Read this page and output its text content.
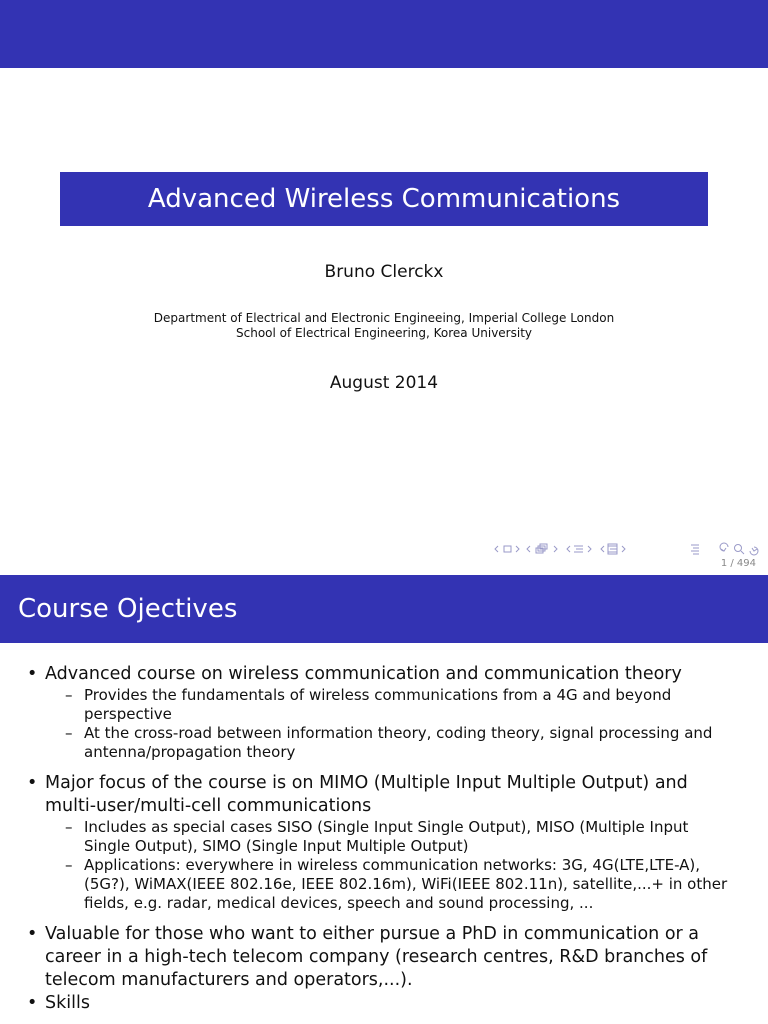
Advanced Wireless Communications
Bruno Clerckx
Department of Electrical and Electronic Engineeing, Imperial College London
School of Electrical Engineering, Korea University
August 2014
1 / 494
Course Ojectives
• Advanced course on wireless communication and communication theory
– Provides the fundamentals of wireless communications from a 4G and beyond perspective
– At the cross-road between information theory, coding theory, signal processing and antenna/propagation theory
• Major focus of the course is on MIMO (Multiple Input Multiple Output) and multi-user/multi-cell communications
– Includes as special cases SISO (Single Input Single Output), MISO (Multiple Input Single Output), SIMO (Single Input Multiple Output)
– Applications: everywhere in wireless communication networks: 3G, 4G(LTE,LTE-A), (5G?), WiMAX(IEEE 802.16e, IEEE 802.16m), WiFi(IEEE 802.11n), satellite,...+ in other fields, e.g. radar, medical devices, speech and sound processing, ...
• Valuable for those who want to either pursue a PhD in communication or a career in a high-tech telecom company (research centres, R&D branches of telecom manufacturers and operators,...).
• Skills
